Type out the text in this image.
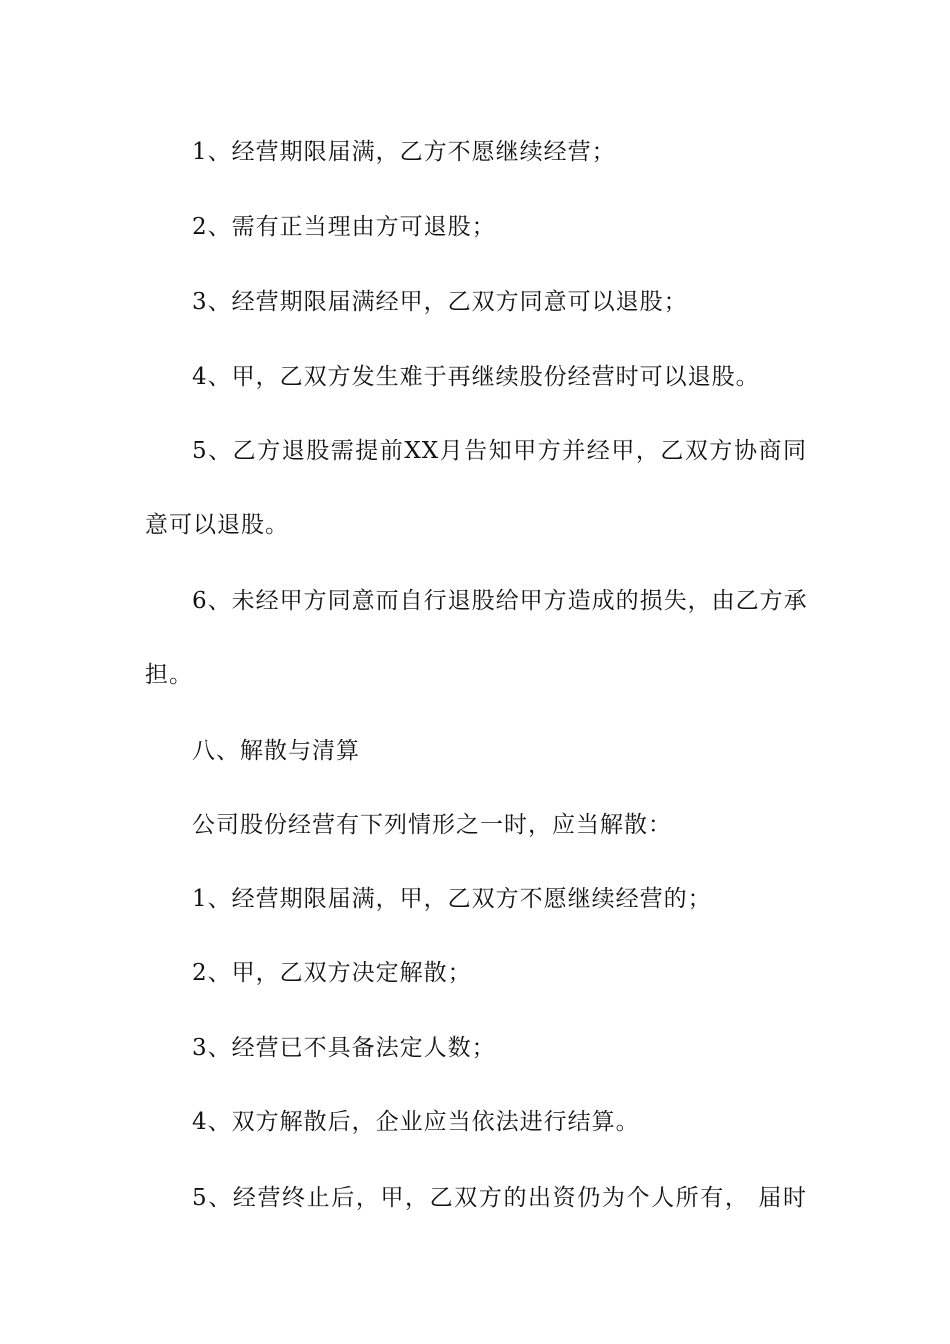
1、经营期限届满，乙方不愿继续经营；
2、需有正当理由方可退股；
3、经营期限届满经甲，乙双方同意可以退股；
4、甲，乙双方发生难于再继续股份经营时可以退股。
5、乙方退股需提前XX月告知甲方并经甲，乙双方协商同
意可以退股。
6、未经甲方同意而自行退股给甲方造成的损失，由乙方承
担。
八、解散与清算
公司股份经营有下列情形之一时，应当解散：
1、经营期限届满，甲，乙双方不愿继续经营的；
2、甲，乙双方决定解散；
3、经营已不具备法定人数；
4、双方解散后，企业应当依法进行结算。
5、经营终止后，甲，乙双方的出资仍为个人所有， 届时
